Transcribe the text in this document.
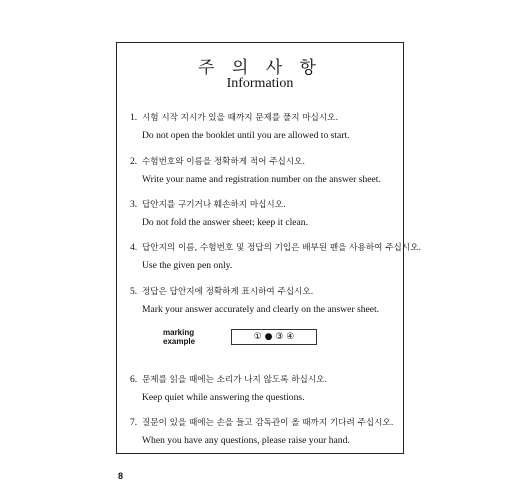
주 의 사 항
Information
1. 시험 시작 지시가 있을 때까지 문제를 풀지 마십시오.
Do not open the booklet until you are allowed to start.
2. 수험번호와 이름을 정확하게 적어 주십시오.
Write your name and registration number on the answer sheet.
3. 답안지를 구기거나 훼손하지 마십시오.
Do not fold the answer sheet; keep it clean.
4. 답안지의 이름, 수험번호 및 정답의 기입은 배부된 펜을 사용하여 주십시오.
Use the given pen only.
5. 정답은 답안지에 정확하게 표시하여 주십시오.
Mark your answer accurately and clearly on the answer sheet.
marking example	① ● ③ ④
6. 문제를 읽을 때에는 소리가 나지 않도록 하십시오.
Keep quiet while answering the questions.
7. 질문이 있을 때에는 손을 들고 감독관이 올 때까지 기다려 주십시오.
When you have any questions, please raise your hand.
8
